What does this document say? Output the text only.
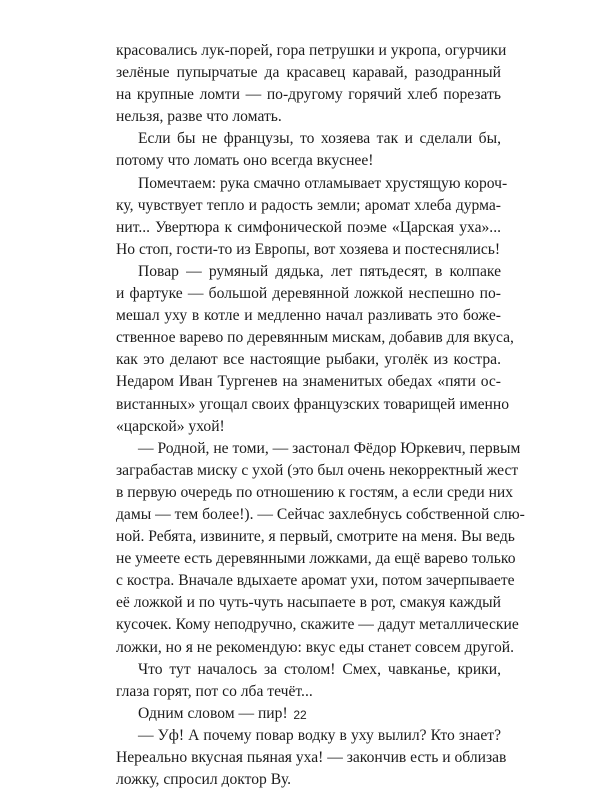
красовались лук-порей, гора петрушки и укропа, огурчики
зелёные пупырчатые да красавец каравай, разодранный
на крупные ломти — по-другому горячий хлеб порезать
нельзя, разве что ломать.

Если бы не французы, то хозяева так и сделали бы,
потому что ломать оно всегда вкуснее!

Помечтаем: рука смачно отламывает хрустящую короч-
ку, чувствует тепло и радость земли; аромат хлеба дурма-
нит... Увертюра к симфонической поэме «Царская уха»...
Но стоп, гости-то из Европы, вот хозяева и постеснялись!

Повар — румяный дядька, лет пятьдесят, в колпаке
и фартуке — большой деревянной ложкой неспешно по-
мешал уху в котле и медленно начал разливать это боже-
ственное варево по деревянным мискам, добавив для вкуса,
как это делают все настоящие рыбаки, уголёк из костра.
Недаром Иван Тургенев на знаменитых обедах «пяти ос-
вистанных» угощал своих французских товарищей именно
«царской» ухой!

— Родной, не томи, — застонал Фёдор Юркевич, первым
заграбастав миску с ухой (это был очень некорректный жест
в первую очередь по отношению к гостям, а если среди них
дамы — тем более!). — Сейчас захлебнусь собственной слю-
ной. Ребята, извините, я первый, смотрите на меня. Вы ведь
не умеете есть деревянными ложками, да ещё варево только
с костра. Вначале вдыхаете аромат ухи, потом зачерпываете
её ложкой и по чуть-чуть насыпаете в рот, смакуя каждый
кусочек. Кому неподручно, скажите — дадут металлические
ложки, но я не рекомендую: вкус еды станет совсем другой.

Что тут началось за столом! Смех, чавканье, крики,
глаза горят, пот со лба течёт...

Одним словом — пир!

— Уф! А почему повар водку в уху вылил? Кто знает?
Нереально вкусная пьяная уха! — закончив есть и облизав
ложку, спросил доктор Ву.

22
